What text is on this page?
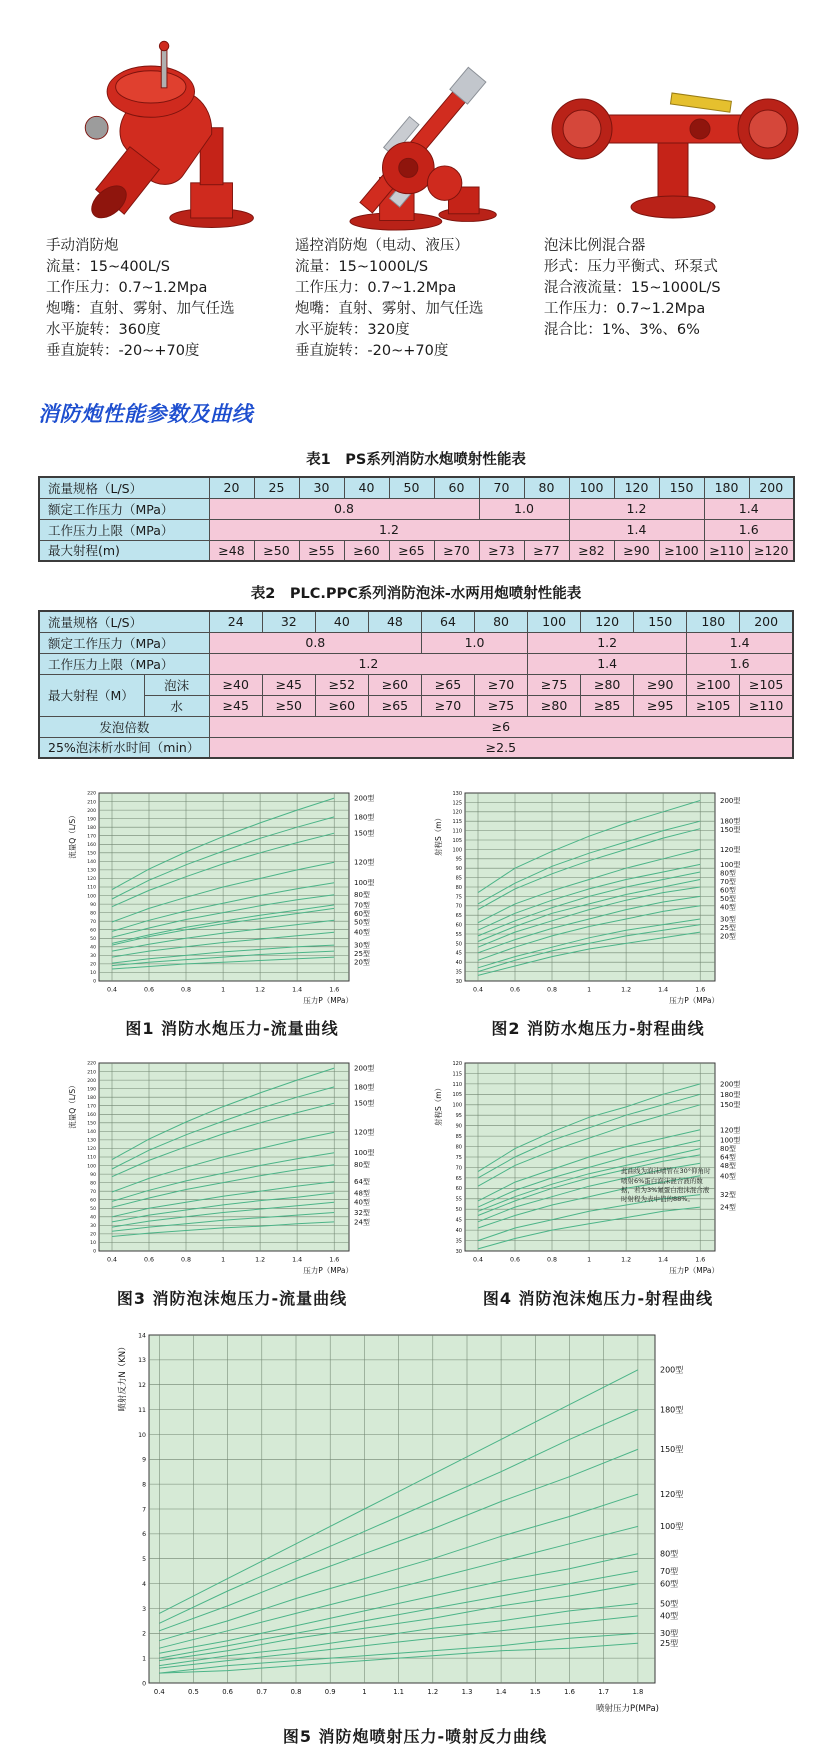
手动消防炮
流量：15~400L/S
工作压力：0.7~1.2Mpa
炮嘴：直射、雾射、加气任选
水平旋转：360度
垂直旋转：-20~+70度
遥控消防炮（电动、液压）
流量：15~1000L/S
工作压力：0.7~1.2Mpa
炮嘴：直射、雾射、加气任选
水平旋转：320度
垂直旋转：-20~+70度
泡沫比例混合器
形式：压力平衡式、环泵式
混合液流量：15~1000L/S
工作压力：0.7~1.2Mpa
混合比：1%、3%、6%
消防炮性能参数及曲线
表1　PS系列消防水炮喷射性能表
流量规格（L/S）	20	25	30	40	50	60	70	80	100	120	150	180	200
额定工作压力（MPa）	0.8						1.0		1.2			1.4	
工作压力上限（MPa）	1.2								1.4			1.6	
最大射程(m)	≥48	≥50	≥55	≥60	≥65	≥70	≥73	≥77	≥82	≥90	≥100	≥110	≥120
表2　PLC.PPC系列消防泡沫-水两用炮喷射性能表
流量规格（L/S）		24	32	40	48	64	80	100	120	150	180	200
额定工作压力（MPa）		0.8				1.0		1.2			1.4	
工作压力上限（MPa）		1.2						1.4			1.6	
最大射程（M）	泡沫	≥40	≥45	≥52	≥60	≥65	≥70	≥75	≥80	≥90	≥100	≥105
	水	≥45	≥50	≥60	≥65	≥70	≥75	≥80	≥85	≥95	≥105	≥110
发泡倍数		≥6										
25%泡沫析水时间（min）		≥2.5										
0
10
20
30
40
50
60
70
80
90
100
110
120
130
140
150
160
170
180
190
200
210
220
0.4	0.6	0.8	1	1.2	1.4	1.6
200型
180型
150型
120型
100型
80型
70型
60型
50型
40型
30型
25型
20型
流量Q（L/S）
压力P（MPa）
图1 消防水炮压力-流量曲线
30
35
40
45
50
55
60
65
70
75
80
85
90
95
100
105
110
115
120
125
130
0.4	0.6	0.8	1	1.2	1.4	1.6
200型
180型
150型
120型
100型
80型
70型
60型
50型
40型
30型
25型
20型
射程S（m）
压力P（MPa）
图2 消防水炮压力-射程曲线
0
10
20
30
40
50
60
70
80
90
100
110
120
130
140
150
160
170
180
190
200
210
220
0.4	0.6	0.8	1	1.2	1.4	1.6
200型
180型
150型
120型
100型
80型
64型
48型
40型
32型
24型
流量Q（L/S）
压力P（MPa）
图3 消防泡沫炮压力-流量曲线
30
35
40
45
50
55
60
65
70
75
80
85
90
95
100
105
110
115
120
0.4	0.6	0.8	1	1.2	1.4	1.6
200型
180型
150型
120型
100型
80型
64型
48型
40型
32型
24型
射程S（m）
压力P（MPa）
此曲线为泡沫喷管在30°仰角时喷射6%蛋白泡沫混合液的数据，若为3%氟蛋白泡沫混合液时射程为表中值的88%。
图4 消防泡沫炮压力-射程曲线
0
1
2
3
4
5
6
7
8
9
10
11
12
13
14
0.4	0.5	0.6	0.7	0.8	0.9	1	1.1	1.2	1.3	1.4	1.5	1.6	1.7	1.8
200型
180型
150型
120型
100型
80型
70型
60型
50型
40型
30型
25型
喷射反力N（KN）
喷射压力P(MPa)
图5 消防炮喷射压力-喷射反力曲线
